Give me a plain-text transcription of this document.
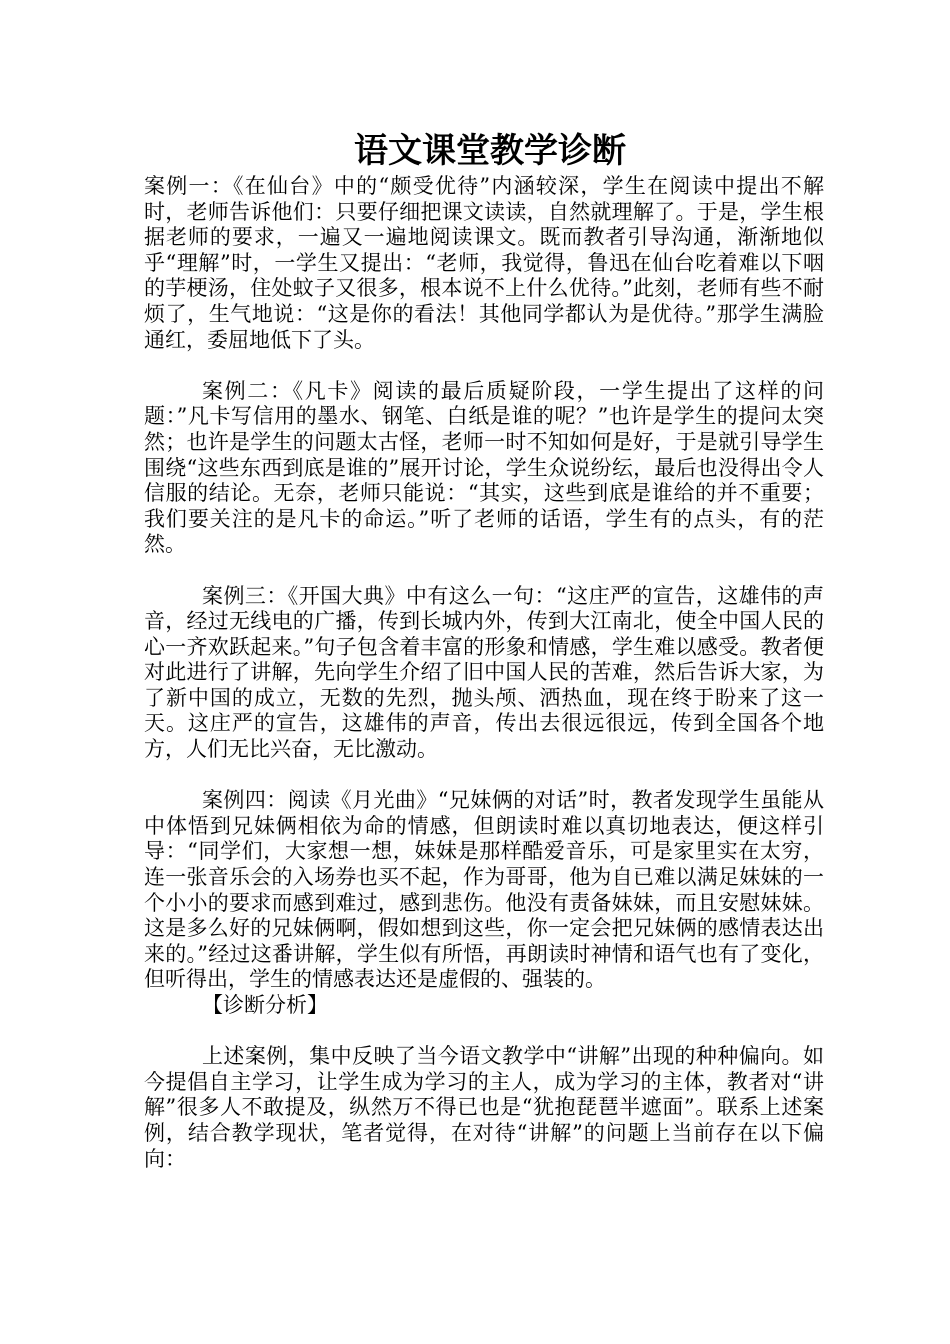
语文课堂教学诊断

案例一：《在仙台》中的“颇受优待”内涵较深，学生在阅读中提出不解时，老师告诉他们：只要仔细把课文读读，自然就理解了。于是，学生根据老师的要求，一遍又一遍地阅读课文。既而教者引导沟通，渐渐地似乎“理解”时，一学生又提出：“老师，我觉得，鲁迅在仙台吃着难以下咽的芋梗汤，住处蚊子又很多，根本说不上什么优待。”此刻，老师有些不耐烦了，生气地说：“这是你的看法！其他同学都认为是优待。”那学生满脸通红，委屈地低下了头。

案例二：《凡卡》阅读的最后质疑阶段，一学生提出了这样的问题：”凡卡写信用的墨水、钢笔、白纸是谁的呢？”也许是学生的提问太突然；也许是学生的问题太古怪，老师一时不知如何是好，于是就引导学生围绕“这些东西到底是谁的”展开讨论，学生众说纷纭，最后也没得出令人信服的结论。无奈，老师只能说：“其实，这些到底是谁给的并不重要；我们要关注的是凡卡的命运。”听了老师的话语，学生有的点头，有的茫然。

案例三：《开国大典》中有这么一句：“这庄严的宣告，这雄伟的声音，经过无线电的广播，传到长城内外，传到大江南北，使全中国人民的心一齐欢跃起来。”句子包含着丰富的形象和情感，学生难以感受。教者便对此进行了讲解，先向学生介绍了旧中国人民的苦难，然后告诉大家，为了新中国的成立，无数的先烈，抛头颅、洒热血，现在终于盼来了这一天。这庄严的宣告，这雄伟的声音，传出去很远很远，传到全国各个地方，人们无比兴奋，无比激动。

案例四：阅读《月光曲》“兄妹俩的对话”时，教者发现学生虽能从中体悟到兄妹俩相依为命的情感，但朗读时难以真切地表达，便这样引导：“同学们，大家想一想，妹妹是那样酷爱音乐，可是家里实在太穷，连一张音乐会的入场券也买不起，作为哥哥，他为自已难以满足妹妹的一个小小的要求而感到难过，感到悲伤。他没有责备妹妹，而且安慰妹妹。这是多么好的兄妹俩啊，假如想到这些，你一定会把兄妹俩的感情表达出来的。”经过这番讲解，学生似有所悟，再朗读时神情和语气也有了变化，但听得出，学生的情感表达还是虚假的、强装的。

【诊断分析】

上述案例，集中反映了当今语文教学中“讲解”出现的种种偏向。如今提倡自主学习，让学生成为学习的主人，成为学习的主体，教者对“讲解”很多人不敢提及，纵然万不得已也是“犹抱琵琶半遮面”。联系上述案例，结合教学现状，笔者觉得，在对待“讲解”的问题上当前存在以下偏向：
